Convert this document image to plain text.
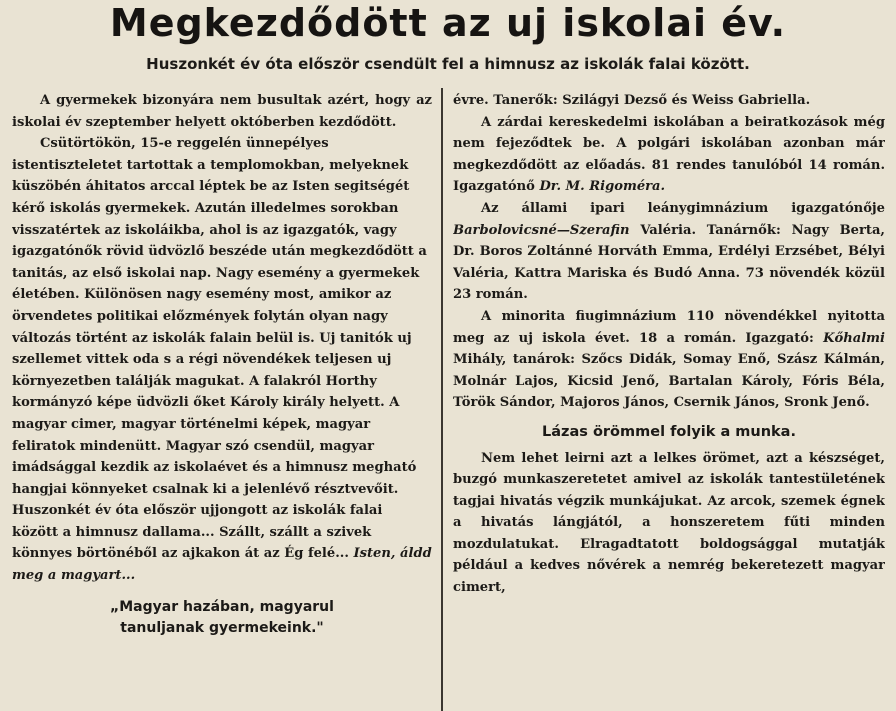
Megkezdődött az uj iskolai év.
Huszonkét év óta először csendült fel a himnusz az iskolák falai között.

A gyermekek bizonyára nem busultak azért, hogy az iskolai év szeptember helyett októberben kezdődött.

Csütörtökön, 15-e reggelén ünnepélyes istentiszteletet tartottak a templomokban, melyeknek küszöbén áhitatos arccal léptek be az Isten segitségét kérő iskolás gyermekek. Azután illedelmes sorokban visszatértek az iskoláikba, ahol is az igazgatók, vagy igazgatónők rövid üdvözlő beszéde után megkezdődött a tanitás, az első iskolai nap. Nagy esemény a gyermekek életében. Különösen nagy esemény most, amikor az örvendetes politikai előzmények folytán olyan nagy változás történt az iskolák falain belül is. Uj tanitók uj szellemet vittek oda s a régi növendékek teljesen uj környezetben találják magukat. A falakról Horthy kormányzó képe üdvözli őket Károly király helyett. A magyar cimer, magyar történelmi képek, magyar feliratok mindenütt. Magyar szó csendül, magyar imádsággal kezdik az iskolaévet és a himnusz megható hangjai könnyeket csalnak ki a jelenlévő résztvevőit. Huszonkét év óta először ujjongott az iskolák falai között a himnusz dallama... Szállt, szállt a szivek könnyes börtönéből az ajkakon át az Ég felé... Isten, áldd meg a magyart...

„Magyar hazában, magyarul

tanuljanak gyermekeink."

évre. Tanerők: Szilágyi Dezső és Weiss Gabriella.

A zárdai kereskedelmi iskolában a beiratkozások még nem fejeződtek be. A polgári iskolában azonban már megkezdődött az előadás. 81 rendes tanulóból 14 román. Igazgatónő Dr. M. Rigoméra.

Az állami ipari leánygimnázium igazgatónője Barbolovicsné—Szerafin Valéria. Tanárnők: Nagy Berta, Dr. Boros Zoltánné Horváth Emma, Erdélyi Erzsébet, Bélyi Valéria, Kattra Mariska és Budó Anna. 73 növendék közül 23 román.

A minorita fiugimnázium 110 növendékkel nyitotta meg az uj iskola évet. 18 a román. Igazgató: Kőhalmi Mihály, tanárok: Szőcs Didák, Somay Enő, Szász Kálmán, Molnár Lajos, Kicsid Jenő, Bartalan Károly, Fóris Béla, Török Sándor, Majoros János, Csernik János, Sronk Jenő.

Lázas örömmel folyik a munka.

Nem lehet leirni azt a lelkes örömet, azt a készséget, buzgó munkaszeretetet amivel az iskolák tantestületének tagjai hivatás végzik munkájukat. Az arcok, szemek égnek a hivatás lángjától, a honszeretem fűti minden mozdulatukat. Elragadtatott boldogsággal mutatják például a kedves nővérek a nemrég bekeretezett magyar cimert,
